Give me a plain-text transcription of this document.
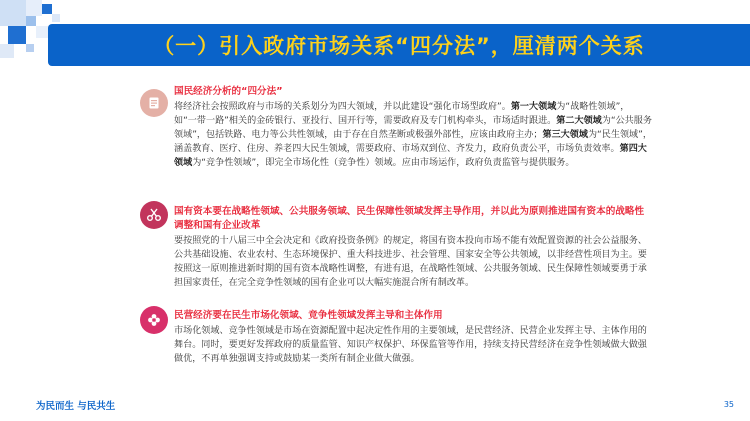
（一）引入政府市场关系“四分法”，厘清两个关系
国民经济分析的“四分法”
将经济社会按照政府与市场的关系划分为四大领域，并以此建设“强化市场型政府”。第一大领域为“战略性领域”，如“一带一路”相关的金砖银行、亚投行、国开行等，需要政府及专门机构牵头，市场适时跟进。第二大领域为“公共服务领域”，包括铁路、电力等公共性领域，由于存在自然垄断或极强外部性，应该由政府主办；第三大领域为“民生领域”，涵盖教育、医疗、住房、养老四大民生领域，需要政府、市场双到位、齐发力，政府负责公平，市场负责效率。第四大领域为“竞争性领域”，即完全市场化性（竞争性）领域。应由市场运作，政府负责监管与提供服务。
国有资本要在战略性领域、公共服务领域、民生保障性领域发挥主导作用，并以此为原则推进国有资本的战略性调整和国有企业改革
要按照党的十八届三中全会决定和《政府投资条例》的规定，将国有资本投向市场不能有效配置资源的社会公益服务、公共基础设施、农业农村、生态环境保护、重大科技进步、社会管理、国家安全等公共领域，以非经营性项目为主。要按照这一原则推进新时期的国有资本战略性调整，有进有退，在战略性领域、公共服务领域、民生保障性领域要勇于承担国家责任，在完全竞争性领域的国有企业可以大幅实施混合所有制改革。
民营经济要在民生市场化领域、竞争性领域发挥主导和主体作用
市场化领域、竞争性领域是市场在资源配置中起决定性作用的主要领域，是民营经济、民营企业发挥主导、主体作用的舞台。同时，要更好发挥政府的质量监管、知识产权保护、环保监管等作用，持续支持民营经济在竞争性领域做大做强做优，不再单独强调支持或鼓励某一类所有制企业做大做强。
为民而生 与民共生	35
